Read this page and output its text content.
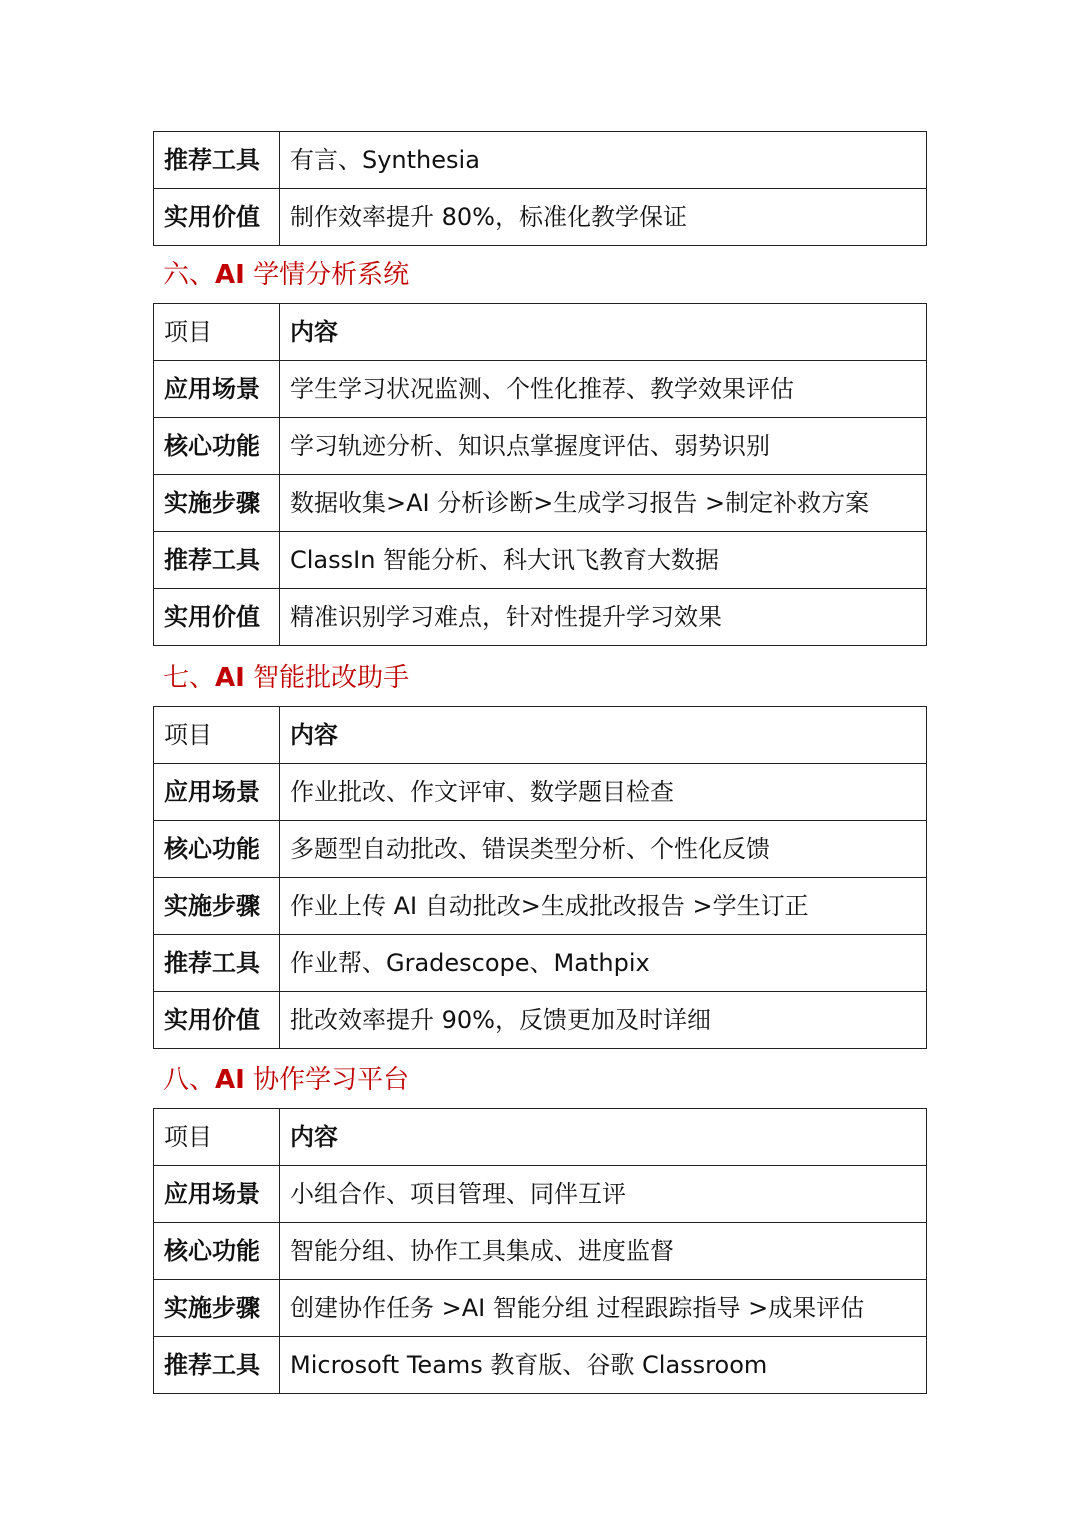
推荐工具	有言、Synthesia
实用价值	制作效率提升 80%，标准化教学保证
六、AI 学情分析系统
项目	内容
应用场景	学生学习状况监测、个性化推荐、教学效果评估
核心功能	学习轨迹分析、知识点掌握度评估、弱势识别
实施步骤	数据收集>AI 分析诊断>生成学习报告 >制定补救方案
推荐工具	ClassIn 智能分析、科大讯飞教育大数据
实用价值	精准识别学习难点，针对性提升学习效果
七、AI 智能批改助手
项目	内容
应用场景	作业批改、作文评审、数学题目检查
核心功能	多题型自动批改、错误类型分析、个性化反馈
实施步骤	作业上传 AI 自动批改>生成批改报告 >学生订正
推荐工具	作业帮、Gradescope、Mathpix
实用价值	批改效率提升 90%，反馈更加及时详细
八、AI 协作学习平台
项目	内容
应用场景	小组合作、项目管理、同伴互评
核心功能	智能分组、协作工具集成、进度监督
实施步骤	创建协作任务 >AI 智能分组 过程跟踪指导 >成果评估
推荐工具	Microsoft Teams 教育版、谷歌 Classroom
